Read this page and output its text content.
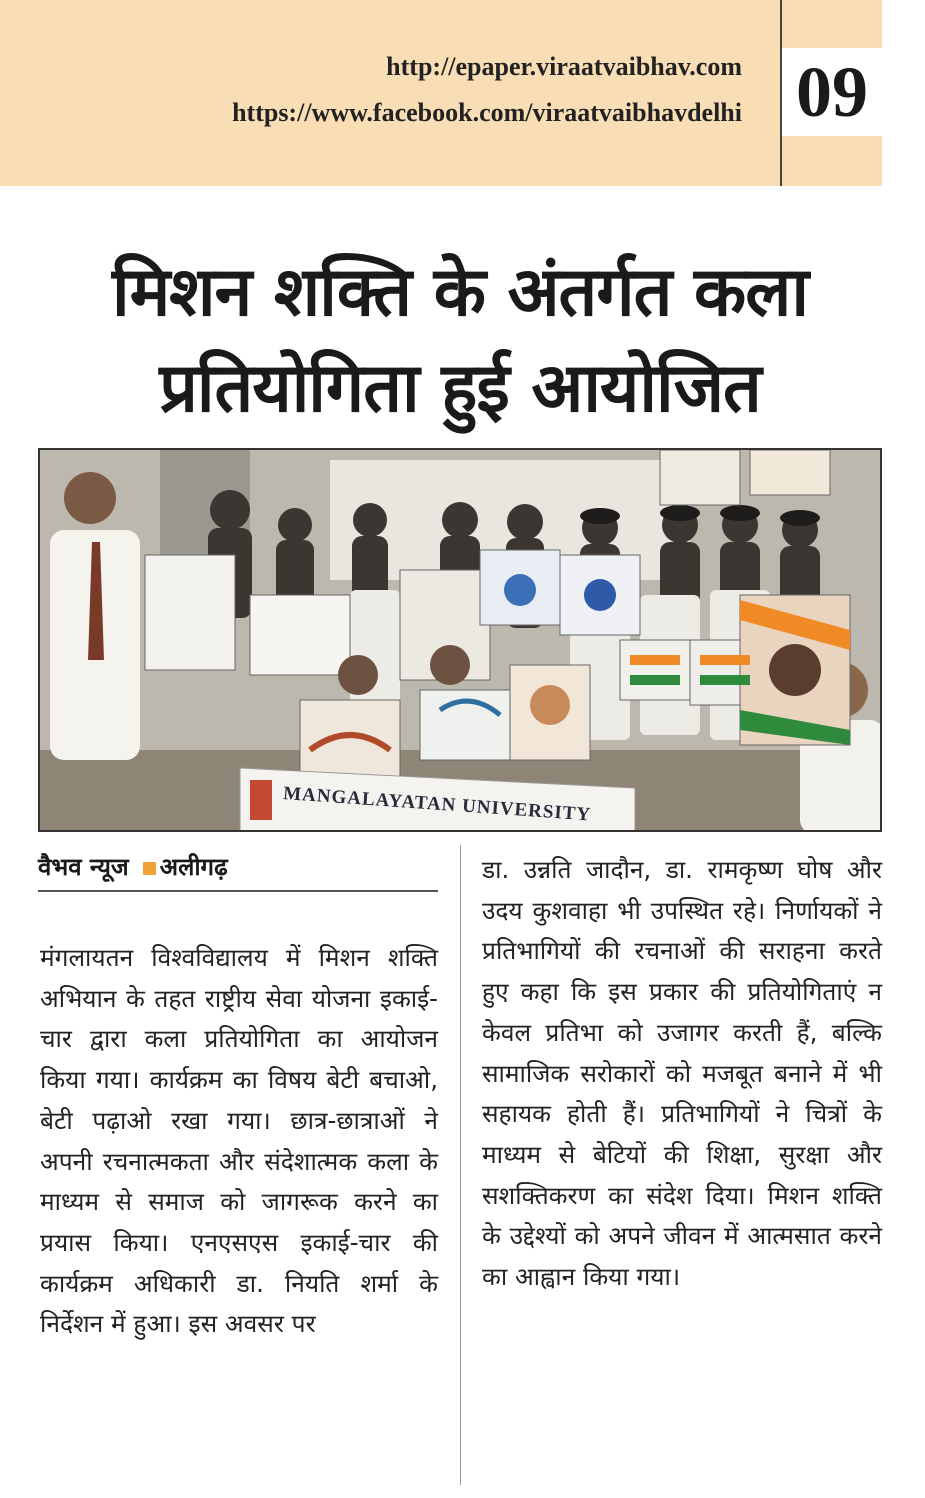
http://epaper.viraatvaibhav.com
https://www.facebook.com/viraatvaibhavdelhi 09
मिशन शक्ति के अंतर्गत कला
प्रतियोगिता हुई आयोजित
MANGALAYATAN UNIVERSITY
वैभव न्यूज अलीगढ़

मंगलायतन विश्वविद्यालय में मिशन शक्ति अभियान के तहत राष्ट्रीय सेवा योजना इकाई-चार द्वारा कला प्रतियोगिता का आयोजन किया गया। कार्यक्रम का विषय बेटी बचाओ, बेटी पढ़ाओ रखा गया। छात्र-छात्राओं ने अपनी रचनात्मकता और संदेशात्मक कला के माध्यम से समाज को जागरूक करने का प्रयास किया। एनएसएस इकाई-चार की कार्यक्रम अधिकारी डा. नियति शर्मा के निर्देशन में हुआ। इस अवसर पर

डा. उन्नति जादौन, डा. रामकृष्ण घोष और उदय कुशवाहा भी उपस्थित रहे। निर्णायकों ने प्रतिभागियों की रचनाओं की सराहना करते हुए कहा कि इस प्रकार की प्रतियोगिताएं न केवल प्रतिभा को उजागर करती हैं, बल्कि सामाजिक सरोकारों को मजबूत बनाने में भी सहायक होती हैं। प्रतिभागियों ने चित्रों के माध्यम से बेटियों की शिक्षा, सुरक्षा और सशक्तिकरण का संदेश दिया। मिशन शक्ति के उद्देश्यों को अपने जीवन में आत्मसात करने का आह्वान किया गया।
